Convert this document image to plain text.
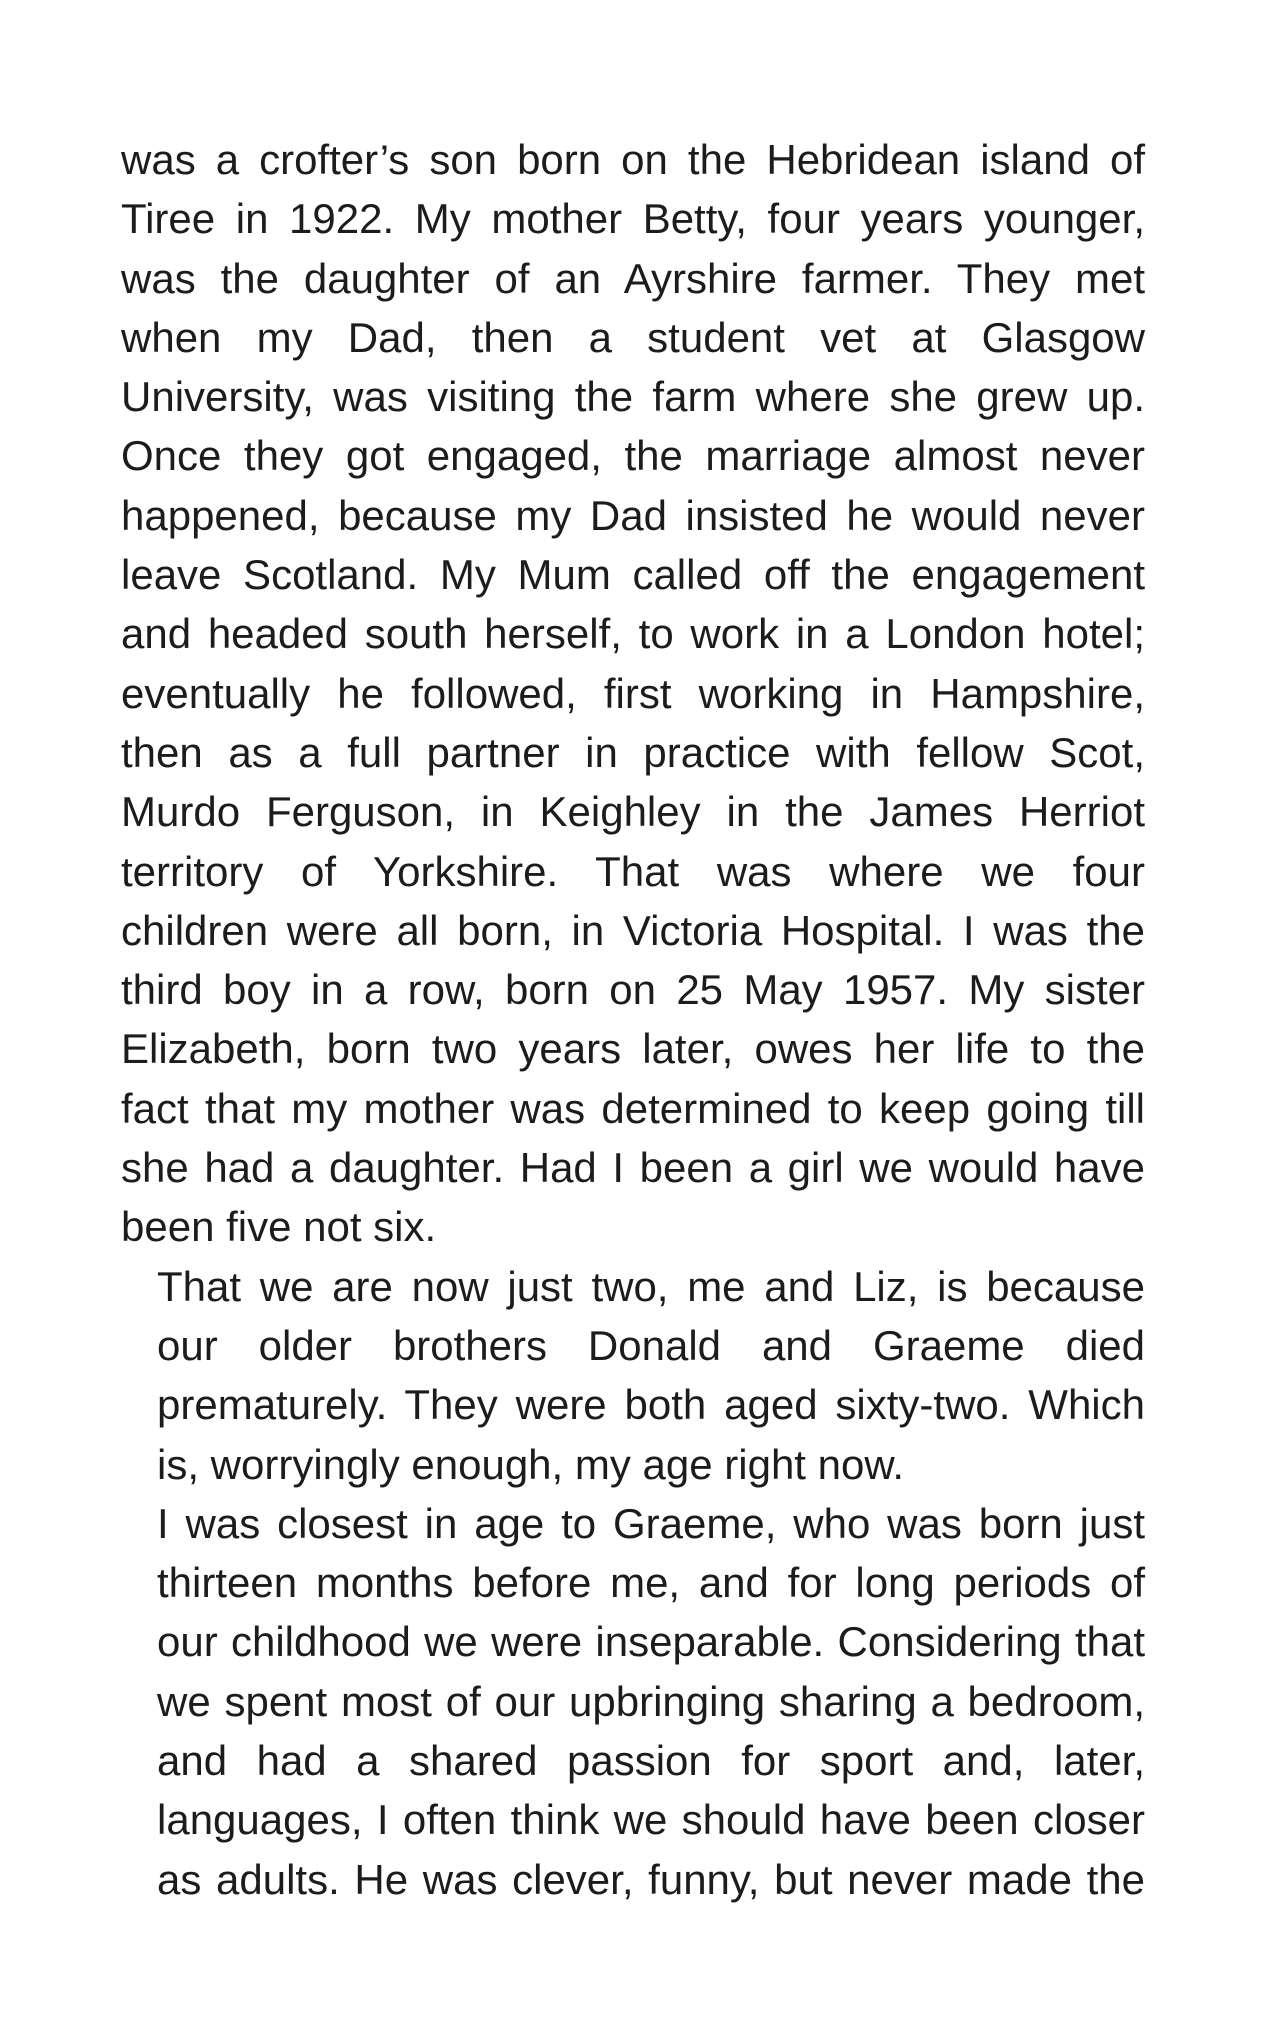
was a crofter’s son born on the Hebridean island of
Tiree in 1922. My mother Betty, four years younger,
was the daughter of an Ayrshire farmer. They met
when my Dad, then a student vet at Glasgow
University, was visiting the farm where she grew up.
Once they got engaged, the marriage almost never
happened, because my Dad insisted he would never
leave Scotland. My Mum called off the engagement
and headed south herself, to work in a London hotel;
eventually he followed, first working in Hampshire,
then as a full partner in practice with fellow Scot,
Murdo Ferguson, in Keighley in the James Herriot
territory of Yorkshire. That was where we four
children were all born, in Victoria Hospital. I was the
third boy in a row, born on 25 May 1957. My sister
Elizabeth, born two years later, owes her life to the
fact that my mother was determined to keep going till
she had a daughter. Had I been a girl we would have
been five not six.
That we are now just two, me and Liz, is because
our older brothers Donald and Graeme died
prematurely. They were both aged sixty-two. Which
is, worryingly enough, my age right now.
I was closest in age to Graeme, who was born just
thirteen months before me, and for long periods of
our childhood we were inseparable. Considering that
we spent most of our upbringing sharing a bedroom,
and had a shared passion for sport and, later,
languages, I often think we should have been closer
as adults. He was clever, funny, but never made the
